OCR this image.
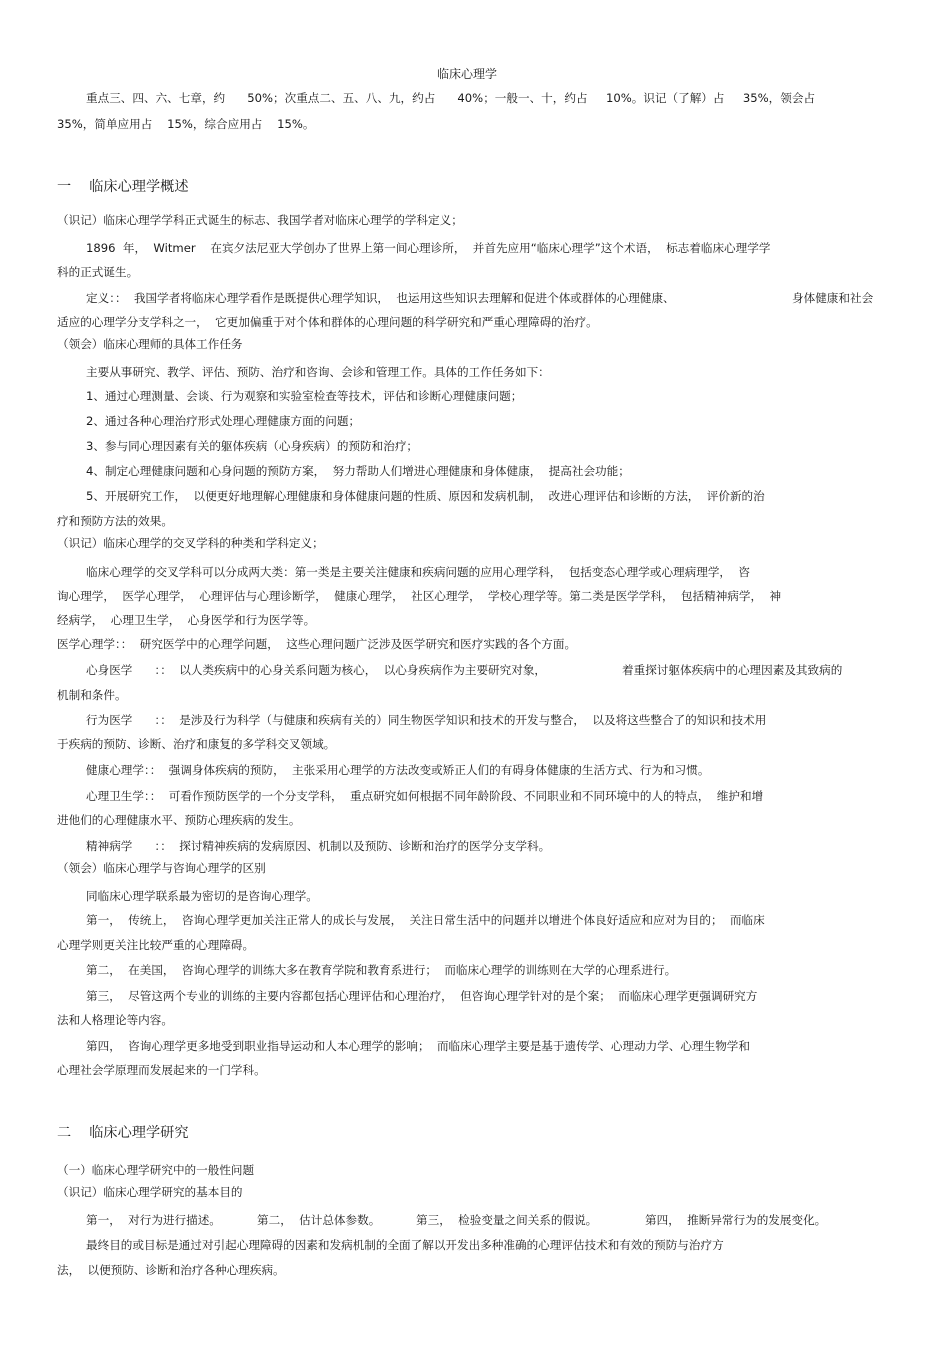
临床心理学
重点三、四、六、七章，约      50%；次重点二、五、八、九，约占      40%；一般一、十，约占     10%。识记（了解）占     35%，领会占
35%，简单应用占    15%，综合应用占    15%。
一    临床心理学概述
（识记）临床心理学学科正式诞生的标志、我国学者对临床心理学的学科定义；
1896  年，  Witmer    在宾夕法尼亚大学创办了世界上第一间心理诊所，  并首先应用“临床心理学”这个术语，  标志着临床心理学学
科的正式诞生。
定义：：  我国学者将临床心理学看作是既提供心理学知识，  也运用这些知识去理解和促进个体或群体的心理健康、	身体健康和社会
适应的心理学分支学科之一，  它更加偏重于对个体和群体的心理问题的科学研究和严重心理障碍的治疗。
（领会）临床心理师的具体工作任务
主要从事研究、教学、评估、预防、治疗和咨询、会诊和管理工作。具体的工作任务如下：
1、通过心理测量、会谈、行为观察和实验室检查等技术，评估和诊断心理健康问题；
2、通过各种心理治疗形式处理心理健康方面的问题；
3、参与同心理因素有关的躯体疾病（心身疾病）的预防和治疗；
4、制定心理健康问题和心身问题的预防方案，  努力帮助人们增进心理健康和身体健康，  提高社会功能；
5、开展研究工作，  以便更好地理解心理健康和身体健康问题的性质、原因和发病机制，  改进心理评估和诊断的方法，  评价新的治
疗和预防方法的效果。
（识记）临床心理学的交叉学科的种类和学科定义；
临床心理学的交叉学科可以分成两大类：第一类是主要关注健康和疾病问题的应用心理学科，  包括变态心理学或心理病理学，  咨
询心理学，  医学心理学，  心理评估与心理诊断学，  健康心理学，  社区心理学，  学校心理学等。第二类是医学学科，  包括精神病学，  神
经病学，  心理卫生学，  心身医学和行为医学等。
医学心理学：：  研究医学中的心理学问题，  这些心理问题广泛涉及医学研究和医疗实践的各个方面。
心身医学      ：：  以人类疾病中的心身关系问题为核心，  以心身疾病作为主要研究对象，	着重探讨躯体疾病中的心理因素及其致病的
机制和条件。
行为医学      ：：  是涉及行为科学（与健康和疾病有关的）同生物医学知识和技术的开发与整合，  以及将这些整合了的知识和技术用
于疾病的预防、诊断、治疗和康复的多学科交叉领域。
健康心理学：：  强调身体疾病的预防，  主张采用心理学的方法改变或矫正人们的有碍身体健康的生活方式、行为和习惯。
心理卫生学：：  可看作预防医学的一个分支学科，  重点研究如何根据不同年龄阶段、不同职业和不同环境中的人的特点，  维护和增
进他们的心理健康水平、预防心理疾病的发生。
精神病学      ：：  探讨精神疾病的发病原因、机制以及预防、诊断和治疗的医学分支学科。
（领会）临床心理学与咨询心理学的区别
同临床心理学联系最为密切的是咨询心理学。
第一，  传统上，  咨询心理学更加关注正常人的成长与发展，  关注日常生活中的问题并以增进个体良好适应和应对为目的；  而临床
心理学则更关注比较严重的心理障碍。
第二，  在美国，  咨询心理学的训练大多在教育学院和教育系进行；  而临床心理学的训练则在大学的心理系进行。
第三，  尽管这两个专业的训练的主要内容都包括心理评估和心理治疗，  但咨询心理学针对的是个案；  而临床心理学更强调研究方
法和人格理论等内容。
第四，  咨询心理学更多地受到职业指导运动和人本心理学的影响；  而临床心理学主要是基于遗传学、心理动力学、心理生物学和
心理社会学原理而发展起来的一门学科。
二    临床心理学研究
（一）临床心理学研究中的一般性问题
（识记）临床心理学研究的基本目的
第一，  对行为进行描述。	第二，  估计总体参数。	第三，  检验变量之间关系的假说。	第四，  推断异常行为的发展变化。
最终目的或目标是通过对引起心理障碍的因素和发病机制的全面了解以开发出多种准确的心理评估技术和有效的预防与治疗方
法，  以便预防、诊断和治疗各种心理疾病。
